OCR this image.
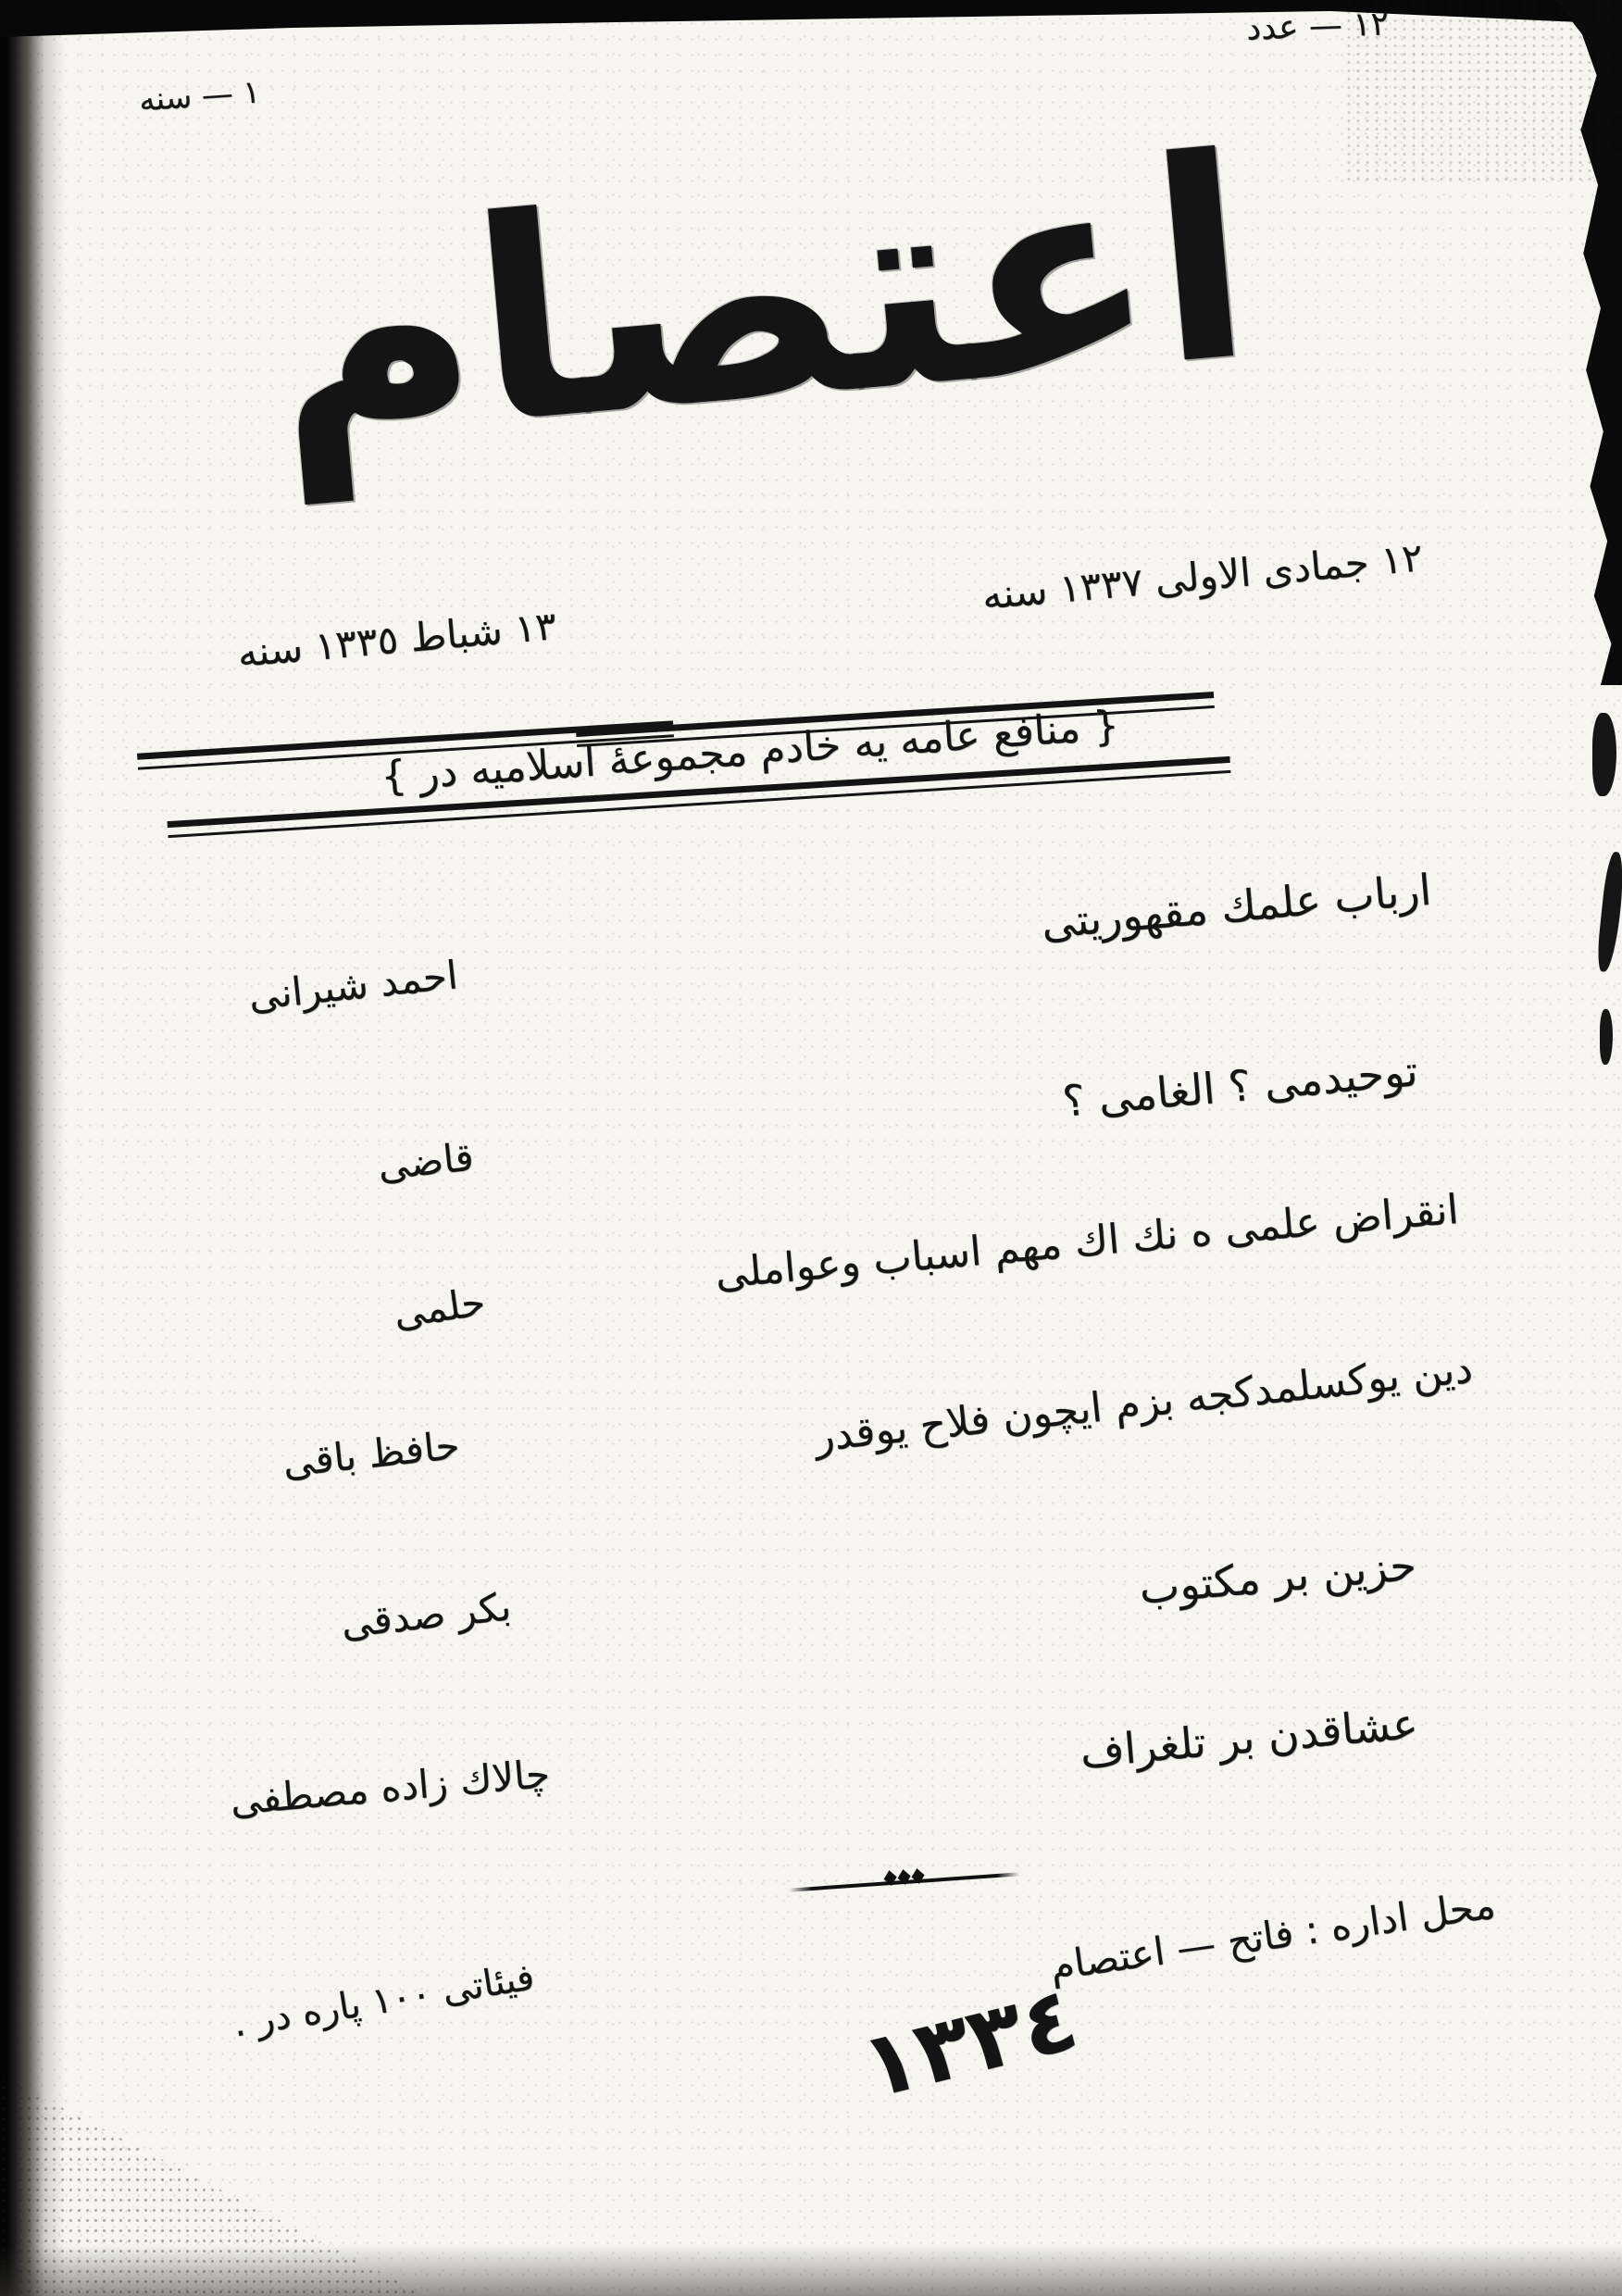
١٢ — عدد
١ — سنه
اعتصام
١٢ جمادى الاولى ١٣٣٧ سنه
١٣ شباط ١٣٣٥ سنه
{ منافع عامه يه خادم مجموعهٔ اسلاميه در }
ارباب علمك مقهوريتى
احمد شيرانى
توحيدمى ؟ الغامى ؟
قاضى
انقراض علمى ە نك اك مهم اسباب وعواملى
حلمى
دين يوكسلمدكجه بزم ايچون فلاح يوقدر
حافظ باقى
حزين بر مكتوب
بكر صدقى
عشاقدن بر تلغراف
چالاك زاده مصطفى
محل اداره : فاتح — اعتصام
١٣٣٤
فيئاتى ١٠٠ پاره در .
